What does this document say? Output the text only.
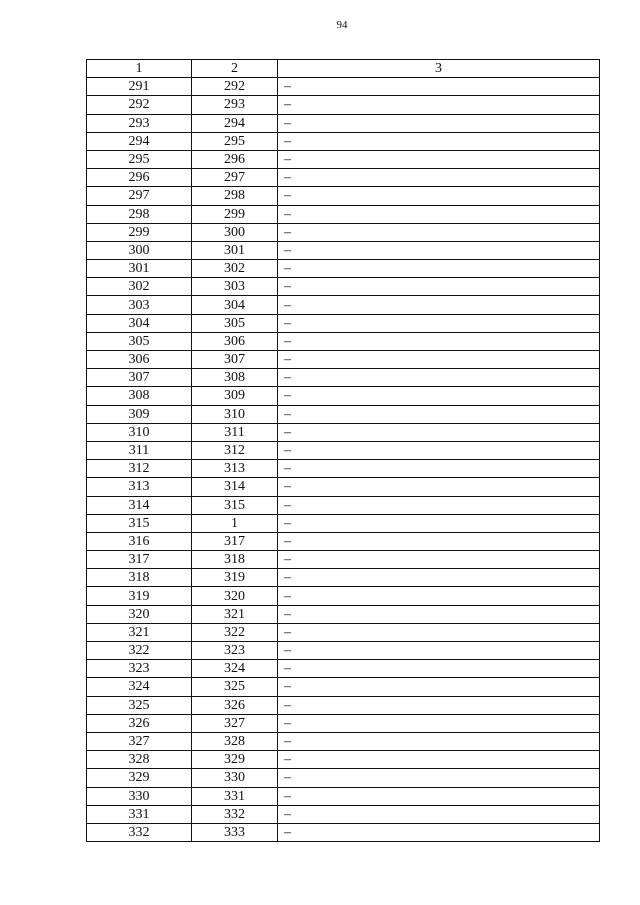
94
1	2	3
291	292	–
292	293	–
293	294	–
294	295	–
295	296	–
296	297	–
297	298	–
298	299	–
299	300	–
300	301	–
301	302	–
302	303	–
303	304	–
304	305	–
305	306	–
306	307	–
307	308	–
308	309	–
309	310	–
310	311	–
311	312	–
312	313	–
313	314	–
314	315	–
315	1	–
316	317	–
317	318	–
318	319	–
319	320	–
320	321	–
321	322	–
322	323	–
323	324	–
324	325	–
325	326	–
326	327	–
327	328	–
328	329	–
329	330	–
330	331	–
331	332	–
332	333	–
